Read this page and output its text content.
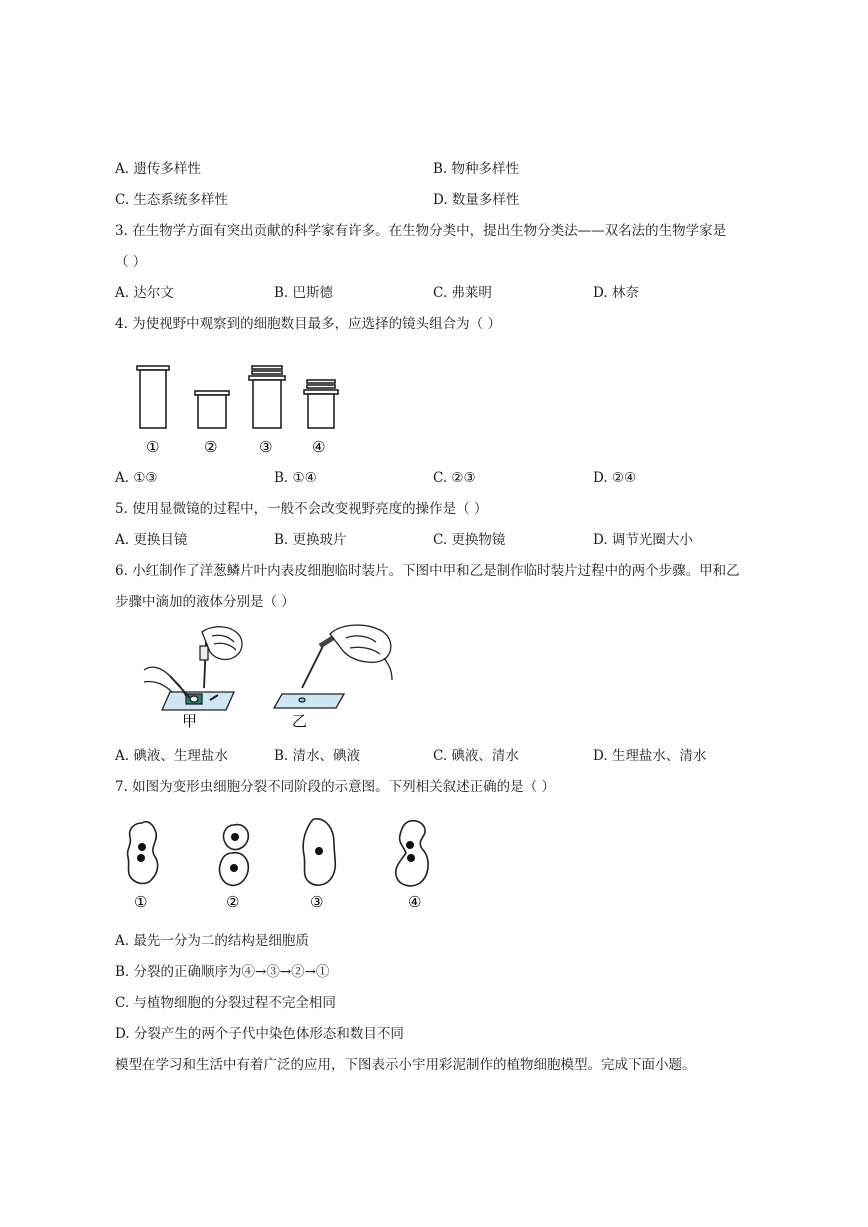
A. 遗传多样性	B. 物种多样性
C. 生态系统多样性	D. 数量多样性
3. 在生物学方面有突出贡献的科学家有许多。在生物分类中，提出生物分类法——双名法的生物学家是
（ ）
A. 达尔文	B. 巴斯德	C. 弗莱明	D. 林奈
4. 为使视野中观察到的细胞数目最多，应选择的镜头组合为（ ）
①	②	③	④
A. ①③	B. ①④	C. ②③	D. ②④
5. 使用显微镜的过程中，一般不会改变视野亮度的操作是（ ）
A. 更换目镜	B. 更换玻片	C. 更换物镜	D. 调节光圈大小
6. 小红制作了洋葱鳞片叶内表皮细胞临时装片。下图中甲和乙是制作临时装片过程中的两个步骤。甲和乙
步骤中滴加的液体分别是（ ）
甲	乙
A. 碘液、生理盐水	B. 清水、碘液	C. 碘液、清水	D. 生理盐水、清水
7. 如图为变形虫细胞分裂不同阶段的示意图。下列相关叙述正确的是（ ）
①	②	③	④
A. 最先一分为二的结构是细胞质
B. 分裂的正确顺序为④→③→②→①
C. 与植物细胞的分裂过程不完全相同
D. 分裂产生的两个子代中染色体形态和数目不同
模型在学习和生活中有着广泛的应用，下图表示小宇用彩泥制作的植物细胞模型。完成下面小题。
